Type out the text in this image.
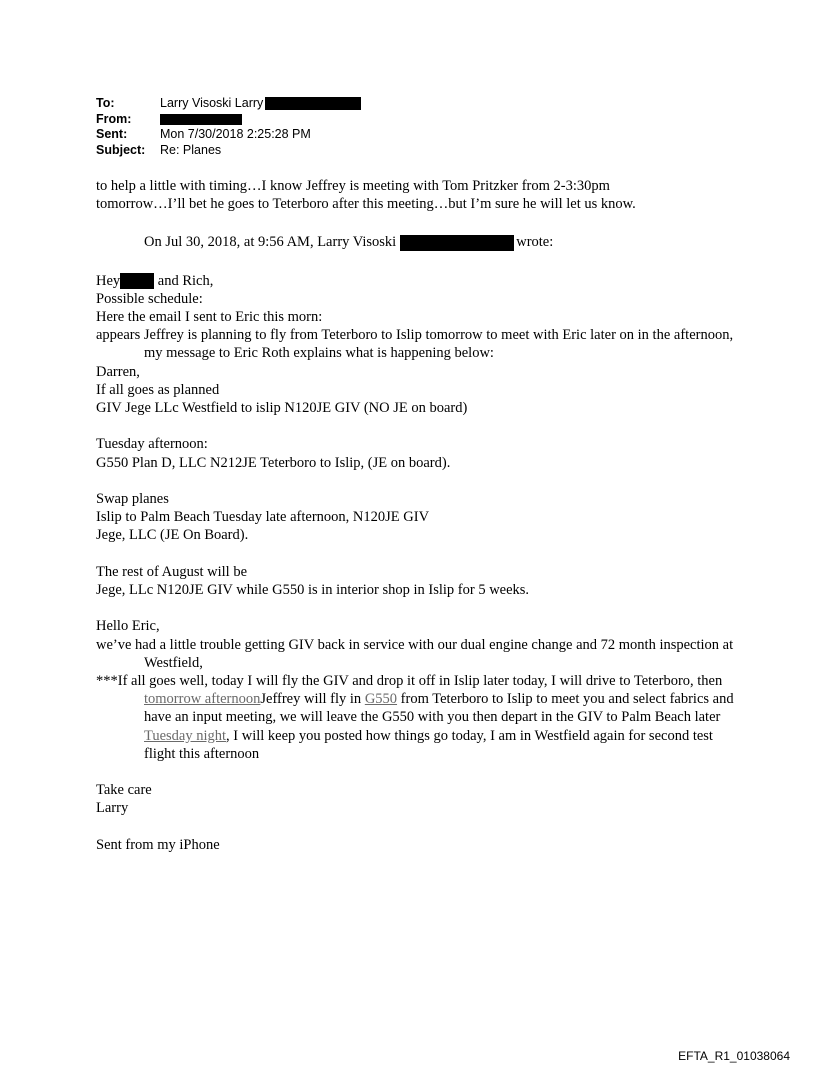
To:	Larry Visoski Larry
From:
Sent:	Mon 7/30/2018 2:25:28 PM
Subject:	Re: Planes

to help a little with timing…I know Jeffrey is meeting with Tom Pritzker from 2-3:30pm

tomorrow…I’ll bet he goes to Teterboro after this meeting…but I’m sure he will let us know.

On Jul 30, 2018, at 9:56 AM, Larry Visoski	wrote:

Hey	and Rich,

Possible schedule:

Here the email I sent to Eric this morn:

appears Jeffrey is planning to fly from Teterboro to Islip tomorrow to meet with Eric later on in the afternoon, my message to Eric Roth explains what is happening below:

Darren,

If all goes as planned

GIV Jege LLc Westfield to islip N120JE GIV (NO JE on board)

Tuesday afternoon:

G550 Plan D, LLC N212JE Teterboro to Islip, (JE on board).

Swap planes

Islip to Palm Beach Tuesday late afternoon, N120JE GIV

Jege, LLC (JE On Board).

The rest of August will be

Jege, LLc N120JE GIV while G550 is in interior shop in Islip for 5 weeks.

Hello Eric,

we’ve had a little trouble getting GIV back in service with our dual engine change and 72 month inspection at Westfield,

***If all goes well, today I will fly the GIV and drop it off in Islip later today, I will drive to Teterboro, then tomorrow afternoonJeffrey will fly in G550 from Teterboro to Islip to meet you and select fabrics and have an input meeting, we will leave the G550 with you then depart in the GIV to Palm Beach later Tuesday night, I will keep you posted how things go today, I am in Westfield again for second test flight this afternoon

Take care

Larry

Sent from my iPhone

EFTA_R1_01038064
